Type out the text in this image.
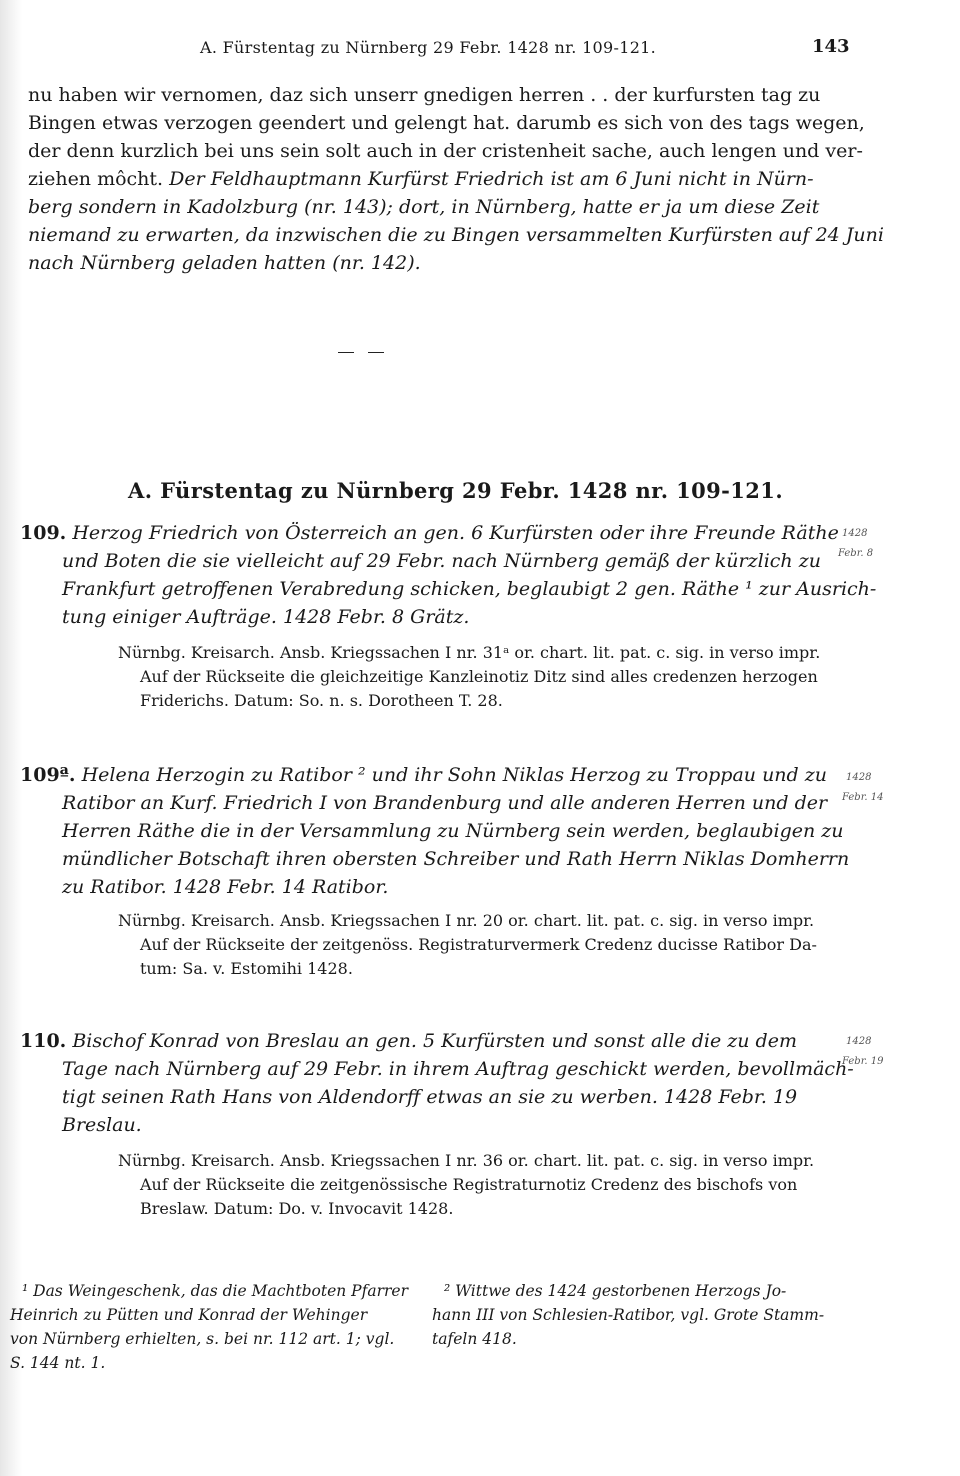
A. Fürstentag zu Nürnberg 29 Febr. 1428 nr. 109-121.	143
nu haben wir vernomen, daz sich unserr gnedigen herren . . der kurfursten tag zu
Bingen etwas verzogen geendert und gelengt hat. darumb es sich von des tags wegen,
der denn kurzlich bei uns sein solt auch in der cristenheit sache, auch lengen und ver-
ziehen môcht. Der Feldhauptmann Kurfürst Friedrich ist am 6 Juni nicht in Nürn-
berg sondern in Kadolzburg (nr. 143); dort, in Nürnberg, hatte er ja um diese Zeit
niemand zu erwarten, da inzwischen die zu Bingen versammelten Kurfürsten auf 24 Juni
nach Nürnberg geladen hatten (nr. 142).
A. Fürstentag zu Nürnberg 29 Febr. 1428 nr. 109-121.
109. Herzog Friedrich von Österreich an gen. 6 Kurfürsten oder ihre Freunde Räthe
und Boten die sie vielleicht auf 29 Febr. nach Nürnberg gemäß der kürzlich zu
Frankfurt getroffenen Verabredung schicken, beglaubigt 2 gen. Räthe ¹ zur Ausrich-
tung einiger Aufträge. 1428 Febr. 8 Grätz.
1428
Febr. 8
Nürnbg. Kreisarch. Ansb. Kriegssachen I nr. 31ᵃ or. chart. lit. pat. c. sig. in verso impr.
Auf der Rückseite die gleichzeitige Kanzleinotiz Ditz sind alles credenzen herzogen
Friderichs. Datum: So. n. s. Dorotheen T. 28.
109ª. Helena Herzogin zu Ratibor ² und ihr Sohn Niklas Herzog zu Troppau und zu
Ratibor an Kurf. Friedrich I von Brandenburg und alle anderen Herren und der
Herren Räthe die in der Versammlung zu Nürnberg sein werden, beglaubigen zu
mündlicher Botschaft ihren obersten Schreiber und Rath Herrn Niklas Domherrn
zu Ratibor. 1428 Febr. 14 Ratibor.
1428
Febr. 14
Nürnbg. Kreisarch. Ansb. Kriegssachen I nr. 20 or. chart. lit. pat. c. sig. in verso impr.
Auf der Rückseite der zeitgenöss. Registraturvermerk Credenz ducisse Ratibor Da-
tum: Sa. v. Estomihi 1428.
110. Bischof Konrad von Breslau an gen. 5 Kurfürsten und sonst alle die zu dem
Tage nach Nürnberg auf 29 Febr. in ihrem Auftrag geschickt werden, bevollmäch-
tigt seinen Rath Hans von Aldendorff etwas an sie zu werben. 1428 Febr. 19
Breslau.
1428
Febr. 19
Nürnbg. Kreisarch. Ansb. Kriegssachen I nr. 36 or. chart. lit. pat. c. sig. in verso impr.
Auf der Rückseite die zeitgenössische Registraturnotiz Credenz des bischofs von
Breslaw. Datum: Do. v. Invocavit 1428.
¹ Das Weingeschenk, das die Machtboten Pfarrer
Heinrich zu Pütten und Konrad der Wehinger
von Nürnberg erhielten, s. bei nr. 112 art. 1; vgl.
S. 144 nt. 1.
² Wittwe des 1424 gestorbenen Herzogs Jo-
hann III von Schlesien-Ratibor, vgl. Grote Stamm-
tafeln 418.
